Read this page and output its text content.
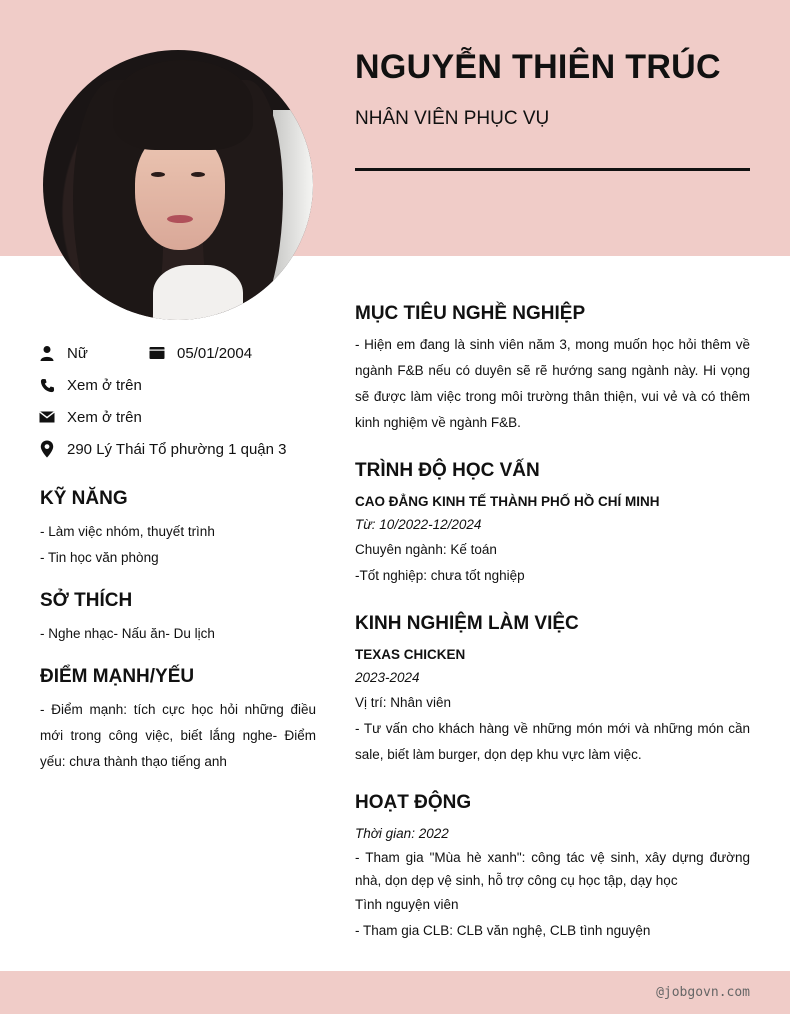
NGUYỄN THIÊN TRÚC
NHÂN VIÊN PHỤC VỤ
Nữ	05/01/2004
Xem ở trên
Xem ở trên
290 Lý Thái Tổ phường 1 quận 3
KỸ NĂNG
- Làm việc nhóm, thuyết trình
- Tin học văn phòng
SỞ THÍCH
- Nghe nhạc- Nấu ăn- Du lịch
ĐIỂM MẠNH/YẾU
- Điểm mạnh: tích cực học hỏi những điều mới trong công việc, biết lắng nghe- Điểm yếu: chưa thành thạo tiếng anh
MỤC TIÊU NGHỀ NGHIỆP
- Hiện em đang là sinh viên năm 3, mong muốn học hỏi thêm về ngành F&B nếu có duyên sẽ rẽ hướng sang ngành này. Hi vọng sẽ được làm việc trong môi trường thân thiện, vui vẻ và có thêm kinh nghiệm về ngành F&B.
TRÌNH ĐỘ HỌC VẤN
CAO ĐẲNG KINH TẾ THÀNH PHỐ HỒ CHÍ MINH
Từ: 10/2022-12/2024
Chuyên ngành: Kế toán
-Tốt nghiệp: chưa tốt nghiệp
KINH NGHIỆM LÀM VIỆC
TEXAS CHICKEN
2023-2024
Vị trí: Nhân viên
- Tư vấn cho khách hàng về những món mới và những món cần sale, biết làm burger, dọn dẹp khu vực làm việc.
HOẠT ĐỘNG
Thời gian: 2022
- Tham gia "Mùa hè xanh": công tác vệ sinh, xây dựng đường nhà, dọn dẹp vệ sinh, hỗ trợ công cụ học tập, dạy học
Tình nguyện viên
- Tham gia CLB: CLB văn nghệ, CLB tình nguyện
@jobgovn.com
